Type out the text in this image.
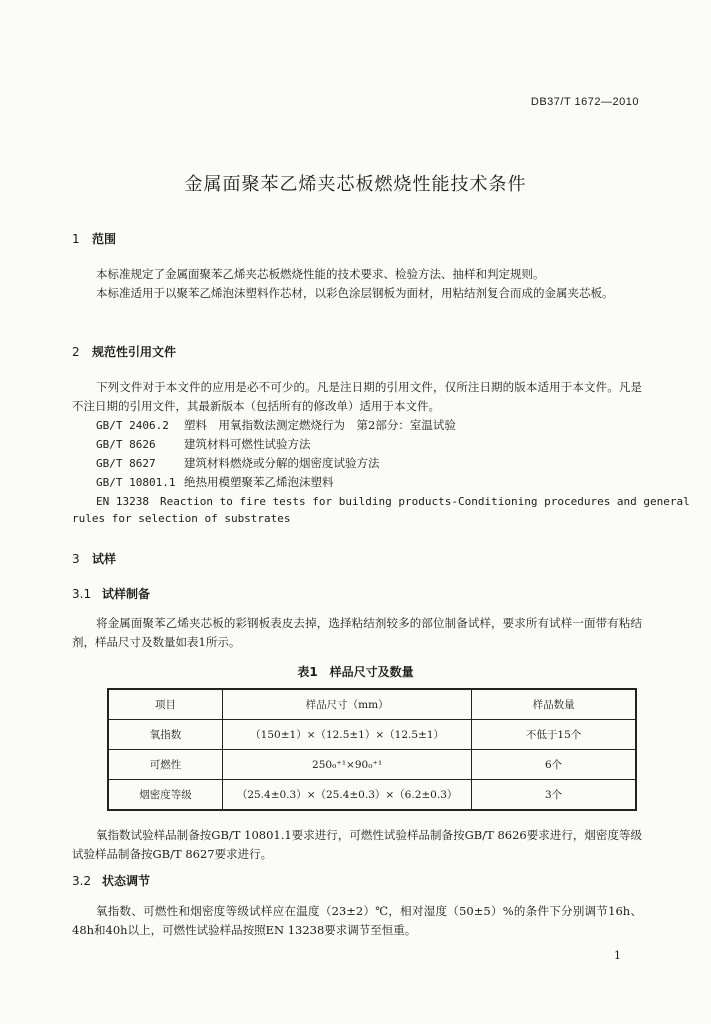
DB37/T 1672—2010
金属面聚苯乙烯夹芯板燃烧性能技术条件
1 范围
本标准规定了金属面聚苯乙烯夹芯板燃烧性能的技术要求、检验方法、抽样和判定规则。
本标准适用于以聚苯乙烯泡沫塑料作芯材，以彩色涂层钢板为面材，用粘结剂复合而成的金属夹芯板。
2 规范性引用文件
下列文件对于本文件的应用是必不可少的。凡是注日期的引用文件，仅所注日期的版本适用于本文件。凡是不注日期的引用文件，其最新版本（包括所有的修改单）适用于本文件。
GB/T 2406.2 塑料　用氧指数法测定燃烧行为　第2部分：室温试验
GB/T 8626 建筑材料可燃性试验方法
GB/T 8627 建筑材料燃烧或分解的烟密度试验方法
GB/T 10801.1 绝热用模塑聚苯乙烯泡沫塑料
EN 13238　Reaction to fire tests for building products-Conditioning procedures and general
rules for selection of substrates
3 试样
3.1 试样制备
将金属面聚苯乙烯夹芯板的彩钢板表皮去掉，选择粘结剂较多的部位制备试样，要求所有试样一面带有粘结剂，样品尺寸及数量如表1所示。
表1　样品尺寸及数量
项目	样品尺寸（mm）	样品数量
氧指数	（150±1）×（12.5±1）×（12.5±1）	不低于15个
可燃性	250₀⁺¹×90₀⁺¹	6个
烟密度等级	（25.4±0.3）×（25.4±0.3）×（6.2±0.3）	3个
氧指数试验样品制备按GB/T 10801.1要求进行，可燃性试验样品制备按GB/T 8626要求进行，烟密度等级试验样品制备按GB/T 8627要求进行。
3.2 状态调节
氧指数、可燃性和烟密度等级试样应在温度（23±2）℃，相对湿度（50±5）%的条件下分别调节16h、48h和40h以上，可燃性试验样品按照EN 13238要求调节至恒重。
1
